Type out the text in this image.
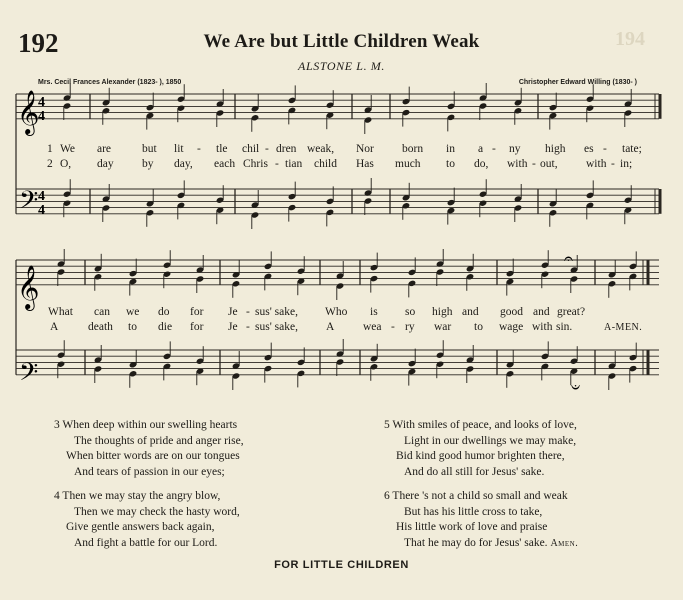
194
192	We Are but Little Children Weak
ALSTONE L. M.
Mrs. Cecil Frances Alexander (1823- ), 1850	Christopher Edward Willing (1830- )
𝄞
𝄢
𝄞
𝄢
4
4
4
4
𝄐
𝄐
1 We are	but lit - tle chil - dren weak, Nor born in a - ny high es - tate;
2 O, day by day, each Chris - tian child Has much to do, with - out, with - in;
What can we do for Je - sus' sake, Who is so high and good and great?
A	death to die for Je - sus' sake, A wea - ry war to wage with sin.	A-MEN.
3 When deep within our swelling hearts
The thoughts of pride and anger rise,
When bitter words are on our tongues
And tears of passion in our eyes;
4 Then we may stay the angry blow,
Then we may check the hasty word,
Give gentle answers back again,
And fight a battle for our Lord.
5 With smiles of peace, and looks of love,
Light in our dwellings we may make,
Bid kind good humor brighten there,
And do all still for Jesus' sake.
6 There 's not a child so small and weak
But has his little cross to take,
His little work of love and praise
That he may do for Jesus' sake. Amen.
FOR LITTLE CHILDREN
